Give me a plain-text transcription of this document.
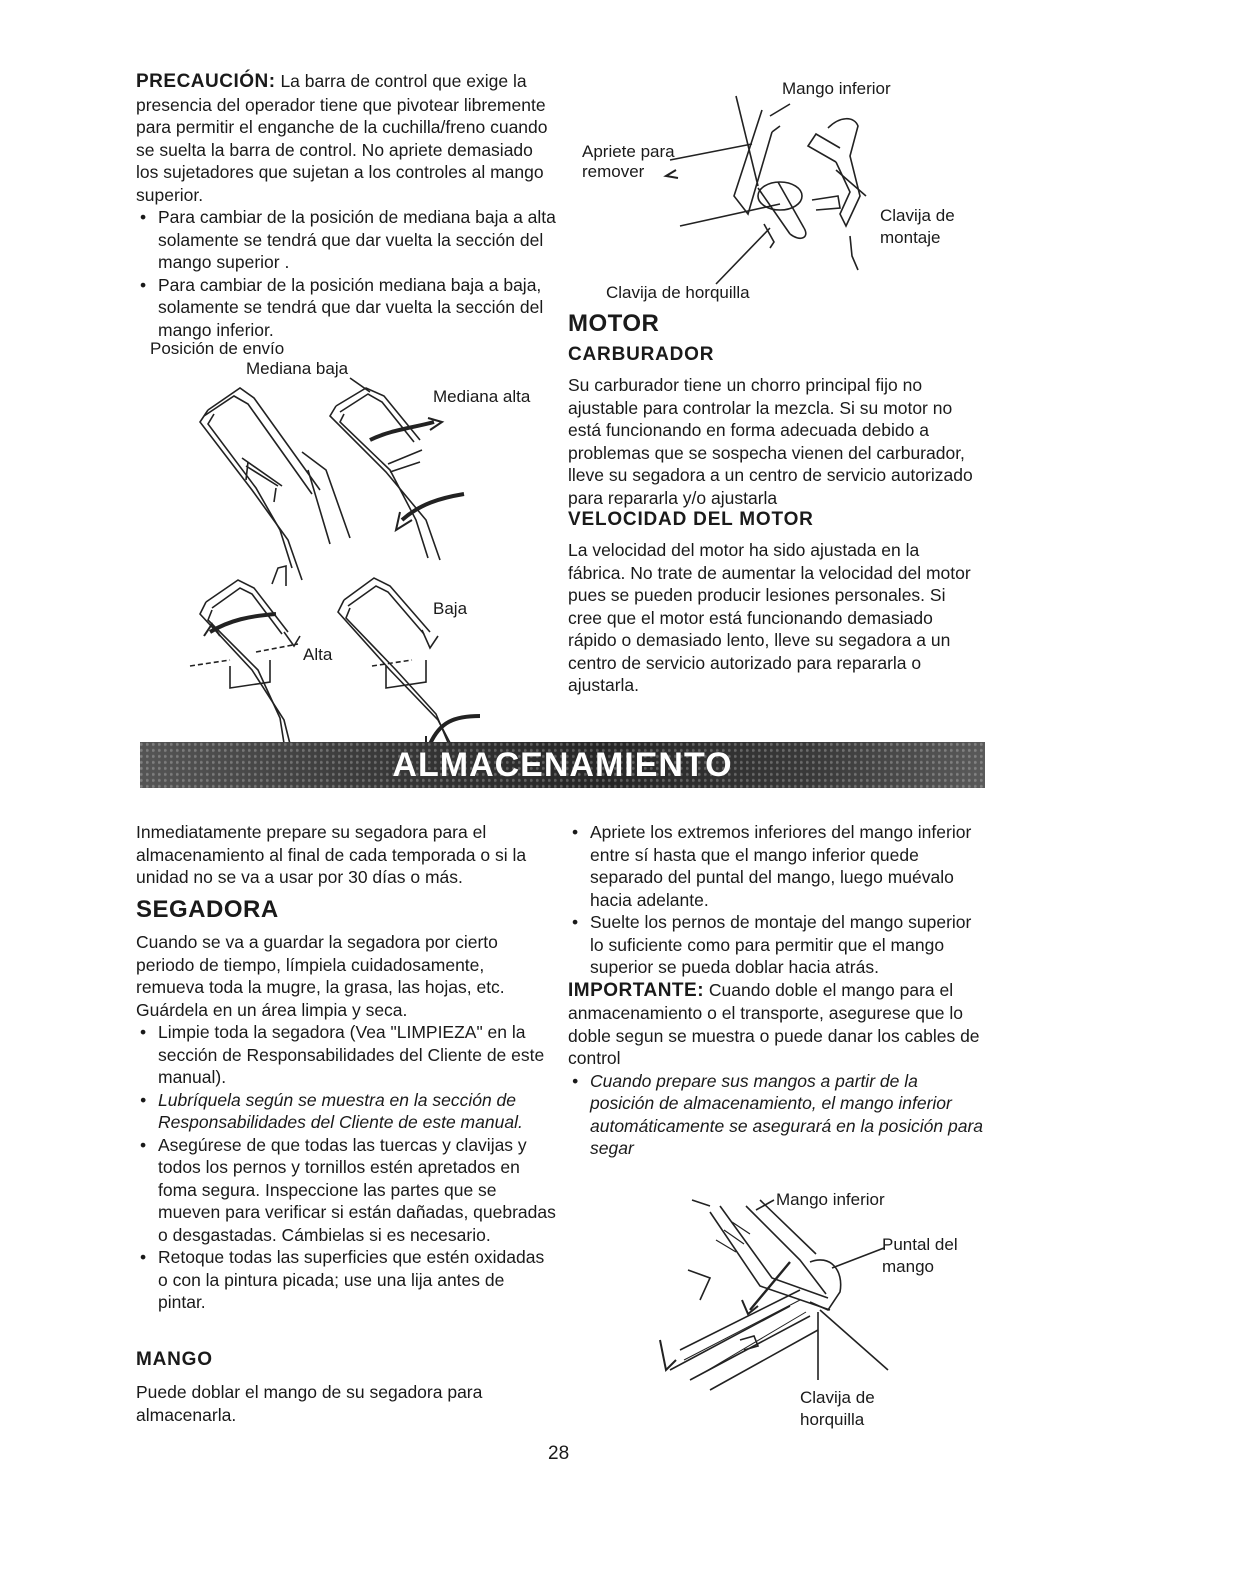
PRECAUCIÓN: La barra de control que exige la presencia del operador tiene que pivotear libremente para permitir el enganche de la cuchilla/freno cuando se suelta la barra de control. No apriete demasiado los sujetadores que sujetan a los controles al mango superior.
• Para cambiar de la posición de mediana baja a alta solamente se tendrá que dar vuelta la sección del mango superior .
• Para cambiar de la posición mediana baja a baja, solamente se tendrá que dar vuelta la sección del mango inferior.
Posición de envío
Mediana baja
Mediana alta
Alta
Baja
Mango inferior
Apriete para
remover
Clavija de
montaje
Clavija de horquilla
MOTOR
CARBURADOR
Su carburador tiene un chorro principal fijo no ajustable para controlar la mezcla. Si su motor no está funcionando en forma adecuada debido a problemas que se sospecha vienen del carburador, lleve su segadora a un centro de servicio autorizado para repararla y/o ajustarla
VELOCIDAD DEL MOTOR
La velocidad del motor ha sido ajustada en la fábrica. No trate de aumentar la velocidad del motor pues se pueden producir lesiones personales. Si cree que el motor está funcionando demasiado rápido o demasiado lento, lleve su segadora a un centro de servicio autorizado para repararla o ajustarla.
ALMACENAMIENTO
Inmediatamente prepare su segadora para el almacenamiento al final de cada temporada o si la unidad no se va a usar por 30 días o más.
SEGADORA
Cuando se va a guardar la segadora por cierto periodo de tiempo, límpiela cuidadosamente, remueva toda la mugre, la grasa, las hojas, etc. Guárdela en un área limpia y seca.
• Limpie toda la segadora (Vea "LIMPIEZA" en la sección de Responsabilidades del Cliente de este manual).
• Lubríquela según se muestra en la sección de Responsabilidades del Cliente de este manual.
• Asegúrese de que todas las tuercas y clavijas y todos los pernos y tornillos estén apretados en foma segura. Inspeccione las partes que se mueven para verificar si están dañadas, quebradas o desgastadas. Cámbielas si es necesario.
• Retoque todas las superficies que estén oxidadas o con la pintura picada; use una lija antes de pintar.
MANGO
Puede doblar el mango de su segadora para almacenarla.
• Apriete los extremos inferiores del mango inferior entre sí hasta que el mango inferior quede separado del puntal del mango, luego muévalo hacia adelante.
• Suelte los pernos de montaje del mango superior lo suficiente como para permitir que el mango superior se pueda doblar hacia atrás.
IMPORTANTE: Cuando doble el mango para el anmacenamiento o el transporte, asegurese que lo doble segun se muestra o puede danar los cables de control
• Cuando prepare sus mangos a partir de la posición de almacenamiento, el mango inferior automáticamente se asegurará en la posición para segar
Mango inferior
Puntal del
mango
Clavija de
horquilla
28
